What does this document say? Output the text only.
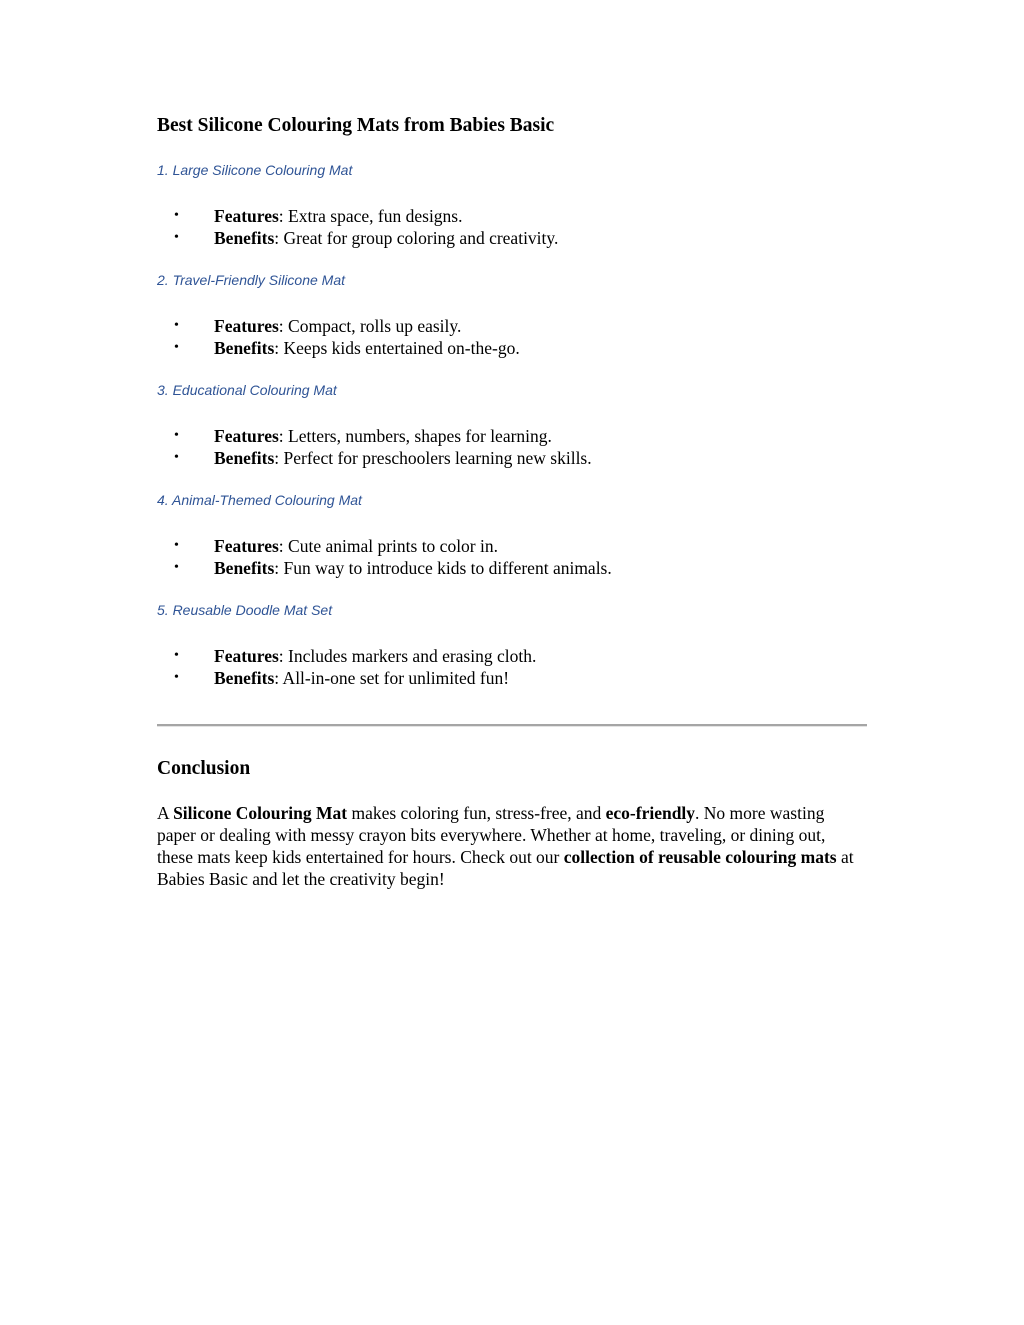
Best Silicone Colouring Mats from Babies Basic

1. Large Silicone Colouring Mat

• Features: Extra space, fun designs.
• Benefits: Great for group coloring and creativity.

2. Travel-Friendly Silicone Mat

• Features: Compact, rolls up easily.
• Benefits: Keeps kids entertained on-the-go.

3. Educational Colouring Mat

• Features: Letters, numbers, shapes for learning.
• Benefits: Perfect for preschoolers learning new skills.

4. Animal-Themed Colouring Mat

• Features: Cute animal prints to color in.
• Benefits: Fun way to introduce kids to different animals.

5. Reusable Doodle Mat Set

• Features: Includes markers and erasing cloth.
• Benefits: All-in-one set for unlimited fun!
Conclusion

A Silicone Colouring Mat makes coloring fun, stress-free, and eco-friendly. No more wasting paper or dealing with messy crayon bits everywhere. Whether at home, traveling, or dining out, these mats keep kids entertained for hours. Check out our collection of reusable colouring mats at Babies Basic and let the creativity begin!
